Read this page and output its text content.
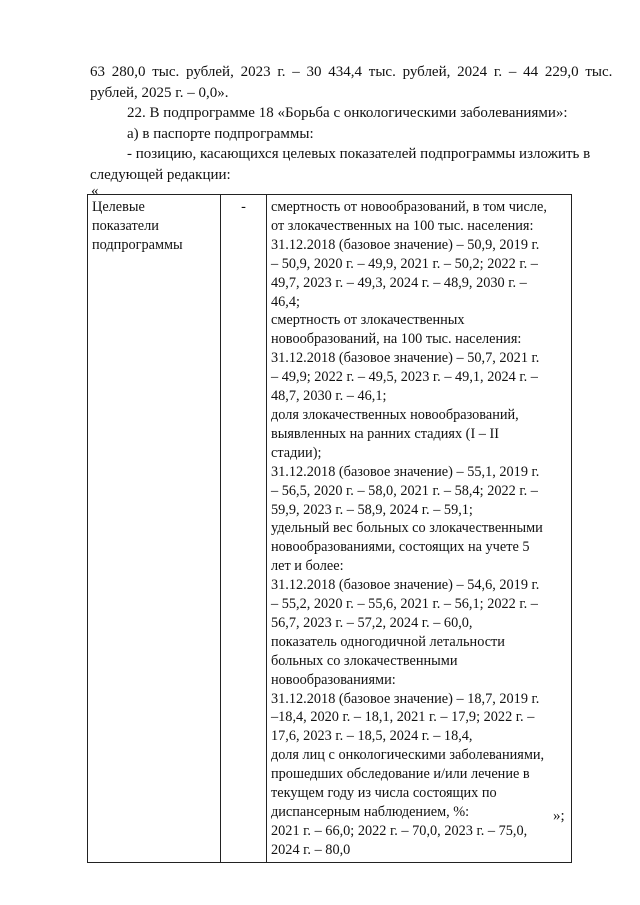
63 280,0 тыс. рублей, 2023 г. – 30 434,4 тыс. рублей, 2024 г. – 44 229,0 тыс.
рублей, 2025 г. – 0,0».
22. В подпрограмме 18 «Борьба с онкологическими заболеваниями»:
а) в паспорте подпрограммы:
- позицию, касающихся целевых показателей подпрограммы изложить в
следующей редакции:
«
Целевые
показатели
подпрограммы
	-	смертность от новообразований, в том числе,
от злокачественных на 100 тыс. населения:
31.12.2018 (базовое значение) – 50,9, 2019 г.
– 50,9, 2020 г. – 49,9, 2021 г. – 50,2; 2022 г. –
49,7, 2023 г. – 49,3, 2024 г. – 48,9, 2030 г. –
46,4;
смертность от злокачественных
новообразований, на 100 тыс. населения:
31.12.2018 (базовое значение) – 50,7, 2021 г.
– 49,9; 2022 г. – 49,5, 2023 г. – 49,1, 2024 г. –
48,7, 2030 г. – 46,1;
доля злокачественных новообразований,
выявленных на ранних стадиях (I – II
стадии);
31.12.2018 (базовое значение) – 55,1, 2019 г.
– 56,5, 2020 г. – 58,0, 2021 г. – 58,4; 2022 г. –
59,9, 2023 г. – 58,9, 2024 г. – 59,1;
удельный вес больных со злокачественными
новообразованиями, состоящих на учете 5
лет и более:
31.12.2018 (базовое значение) – 54,6, 2019 г.
– 55,2, 2020 г. – 55,6, 2021 г. – 56,1; 2022 г. –
56,7, 2023 г. – 57,2, 2024 г. – 60,0,
показатель одногодичной летальности
больных со злокачественными
новообразованиями:
31.12.2018 (базовое значение) – 18,7, 2019 г.
–18,4, 2020 г. – 18,1, 2021 г. – 17,9; 2022 г. –
17,6, 2023 г. – 18,5, 2024 г. – 18,4,
доля лиц с онкологическими заболеваниями,
прошедших обследование и/или лечение в
текущем году из числа состоящих по
диспансерным наблюдением, %:
2021 г. – 66,0; 2022 г. – 70,0, 2023 г. – 75,0,
2024 г. – 80,0
»;
